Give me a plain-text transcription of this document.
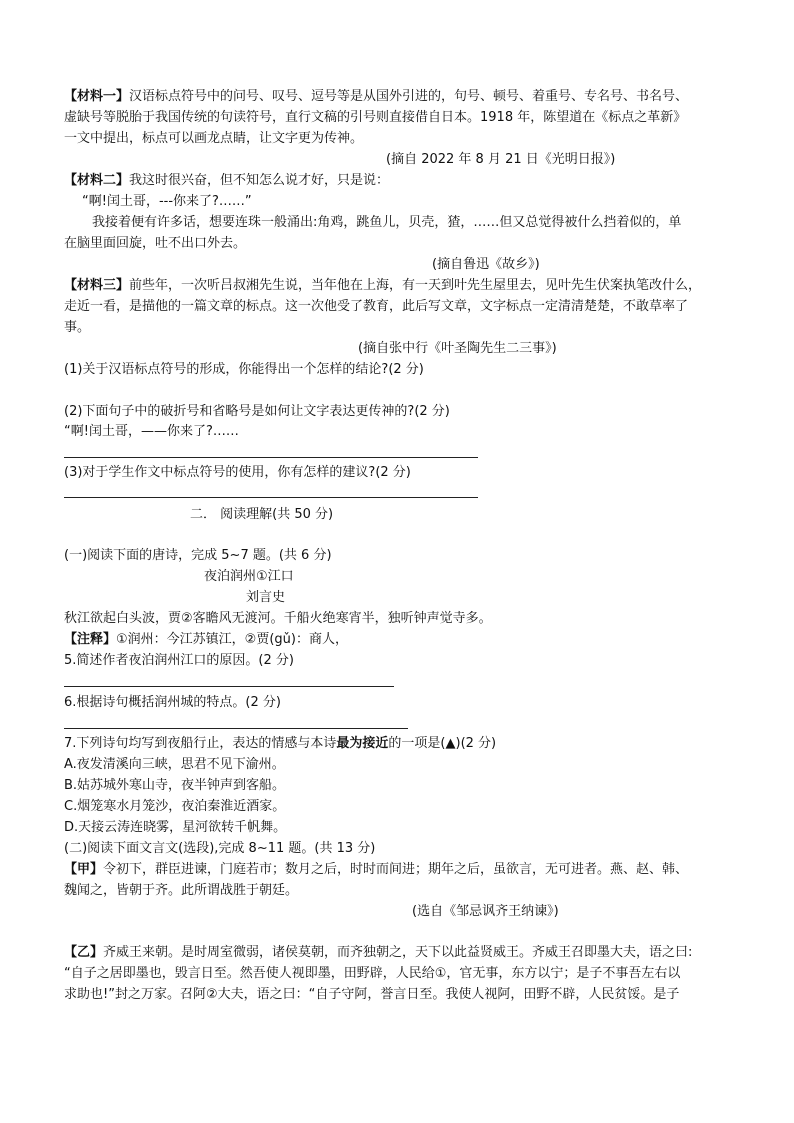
【材料一】汉语标点符号中的问号、叹号、逗号等是从国外引进的，句号、顿号、着重号、专名号、书名号、
虚缺号等脱胎于我国传统的句读符号，直行文稿的引号则直接借自日本。1918 年，陈望道在《标点之革新》
一文中提出，标点可以画龙点睛，让文字更为传神。
(摘自 2022 年 8 月 21 日《光明日报》)
【材料二】我这时很兴奋，但不知怎么说才好，只是说：
“啊!闰土哥，---你来了?……”
我接着便有许多话，想要连珠一般涌出:角鸡，跳鱼儿，贝壳，猹，……但又总觉得被什么挡着似的，单
在脑里面回旋，吐不出口外去。
(摘自鲁迅《故乡》)
【材料三】前些年，一次听吕叔湘先生说，当年他在上海，有一天到叶先生屋里去，见叶先生伏案执笔改什么，
走近一看，是描他的一篇文章的标点。这一次他受了教育，此后写文章，文字标点一定清清楚楚，不敢草率了
事。
(摘自张中行《叶圣陶先生二三事》)
(1)关于汉语标点符号的形成，你能得出一个怎样的结论?(2 分)
(2)下面句子中的破折号和省略号是如何让文字表达更传神的?(2 分)
“啊!闰土哥，——你来了?……
(3)对于学生作文中标点符号的使用，你有怎样的建议?(2 分)
二． 阅读理解(共 50 分)
(一)阅读下面的唐诗，完成 5~7 题。(共 6 分)
夜泊润州①江口
刘言史
秋江欲起白头波，贾②客瞻风无渡河。千船火绝寒宵半，独听钟声觉寺多。
【注释】①润州：今江苏镇江，②贾(gǔ)：商人，
5.简述作者夜泊润州江口的原因。(2 分)
6.根据诗句概括润州城的特点。(2 分)
7.下列诗句均写到夜船行止，表达的情感与本诗最为接近的一项是(▲)(2 分)
A.夜发清溪向三峡，思君不见下渝州。
B.姑苏城外寒山寺，夜半钟声到客船。
C.烟笼寒水月笼沙，夜泊秦淮近酒家。
D.天接云涛连晓雾，星河欲转千帆舞。
(二)阅读下面文言文(选段),完成 8~11 题。(共 13 分)
【甲】令初下，群臣进谏，门庭若市；数月之后，时时而间进；期年之后，虽欲言，无可进者。燕、赵、韩、
魏闻之，皆朝于齐。此所谓战胜于朝廷。
(选自《邹忌讽齐王纳谏》)
【乙】齐威王来朝。是时周室微弱，诸侯莫朝，而齐独朝之，天下以此益贤威王。齐威王召即墨大夫，语之曰:
“自子之居即墨也，毁言日至。然吾使人视即墨，田野辟，人民给①，官无事，东方以宁；是子不事吾左右以
求助也!”封之万家。召阿②大夫，语之曰：“自子守阿，誉言日至。我使人视阿，田野不辟，人民贫馁。是子
